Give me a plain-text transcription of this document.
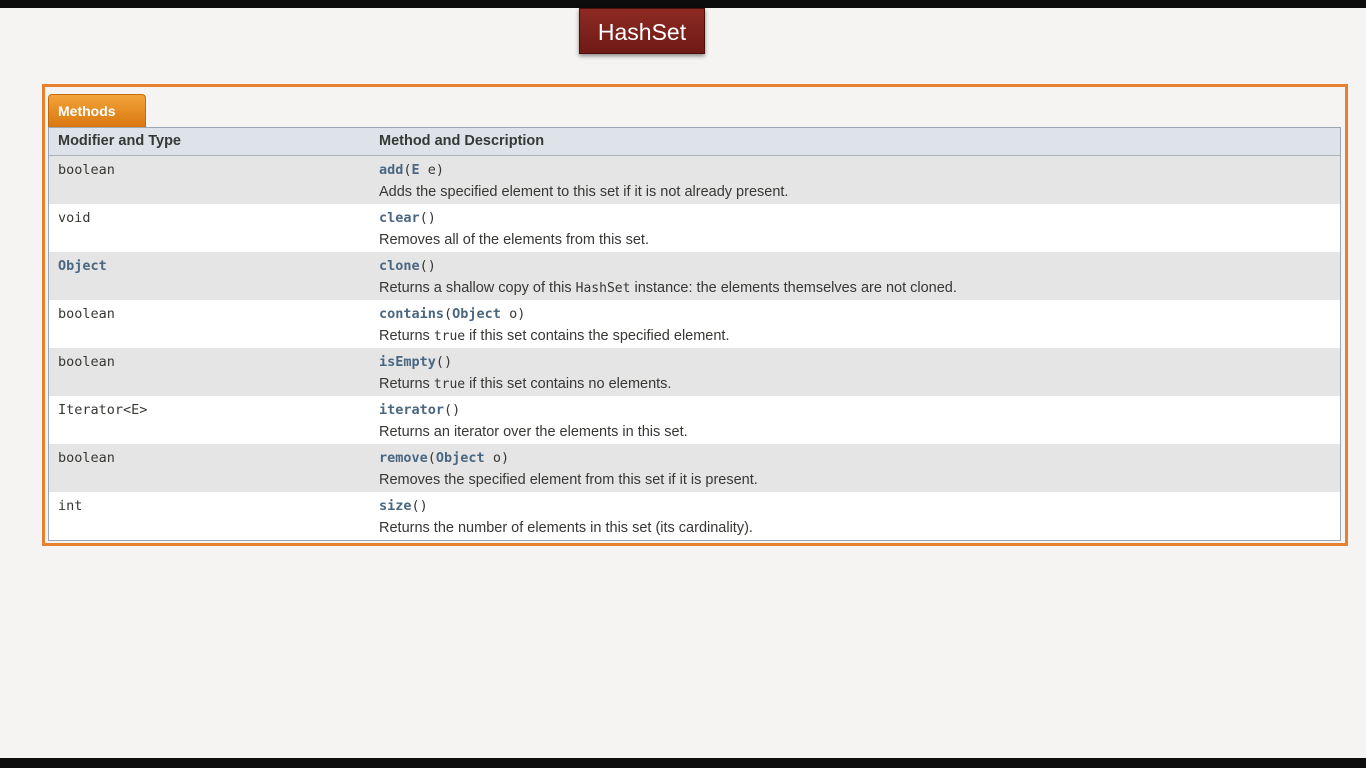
HashSet
Methods
Modifier and Type	Method and Description
boolean	add(E e)
Adds the specified element to this set if it is not already present.
void	clear()
Removes all of the elements from this set.
Object	clone()
Returns a shallow copy of this HashSet instance: the elements themselves are not cloned.
boolean	contains(Object o)
Returns true if this set contains the specified element.
boolean	isEmpty()
Returns true if this set contains no elements.
Iterator<E>	iterator()
Returns an iterator over the elements in this set.
boolean	remove(Object o)
Removes the specified element from this set if it is present.
int	size()
Returns the number of elements in this set (its cardinality).
